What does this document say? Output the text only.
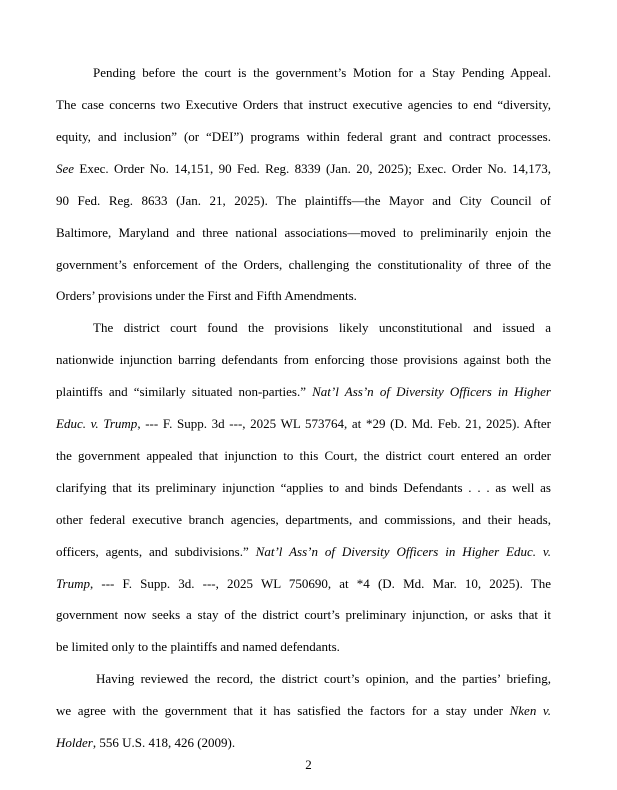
Pending before the court is the government’s Motion for a Stay Pending Appeal.
The case concerns two Executive Orders that instruct executive agencies to end “diversity,
equity, and inclusion” (or “DEI”) programs within federal grant and contract processes.
See Exec. Order No. 14,151, 90 Fed. Reg. 8339 (Jan. 20, 2025); Exec. Order No. 14,173,
90 Fed. Reg. 8633 (Jan. 21, 2025). The plaintiffs—the Mayor and City Council of
Baltimore, Maryland and three national associations—moved to preliminarily enjoin the
government’s enforcement of the Orders, challenging the constitutionality of three of the
Orders’ provisions under the First and Fifth Amendments.
The district court found the provisions likely unconstitutional and issued a
nationwide injunction barring defendants from enforcing those provisions against both the
plaintiffs and “similarly situated non-parties.” Nat’l Ass’n of Diversity Officers in Higher
Educ. v. Trump, --- F. Supp. 3d ---, 2025 WL 573764, at *29 (D. Md. Feb. 21, 2025). After
the government appealed that injunction to this Court, the district court entered an order
clarifying that its preliminary injunction “applies to and binds Defendants . . . as well as
other federal executive branch agencies, departments, and commissions, and their heads,
officers, agents, and subdivisions.” Nat’l Ass’n of Diversity Officers in Higher Educ. v.
Trump, --- F. Supp. 3d. ---, 2025 WL 750690, at *4 (D. Md. Mar. 10, 2025). The
government now seeks a stay of the district court’s preliminary injunction, or asks that it
be limited only to the plaintiffs and named defendants.
Having reviewed the record, the district court’s opinion, and the parties’ briefing,
we agree with the government that it has satisfied the factors for a stay under Nken v.
Holder, 556 U.S. 418, 426 (2009).
2
